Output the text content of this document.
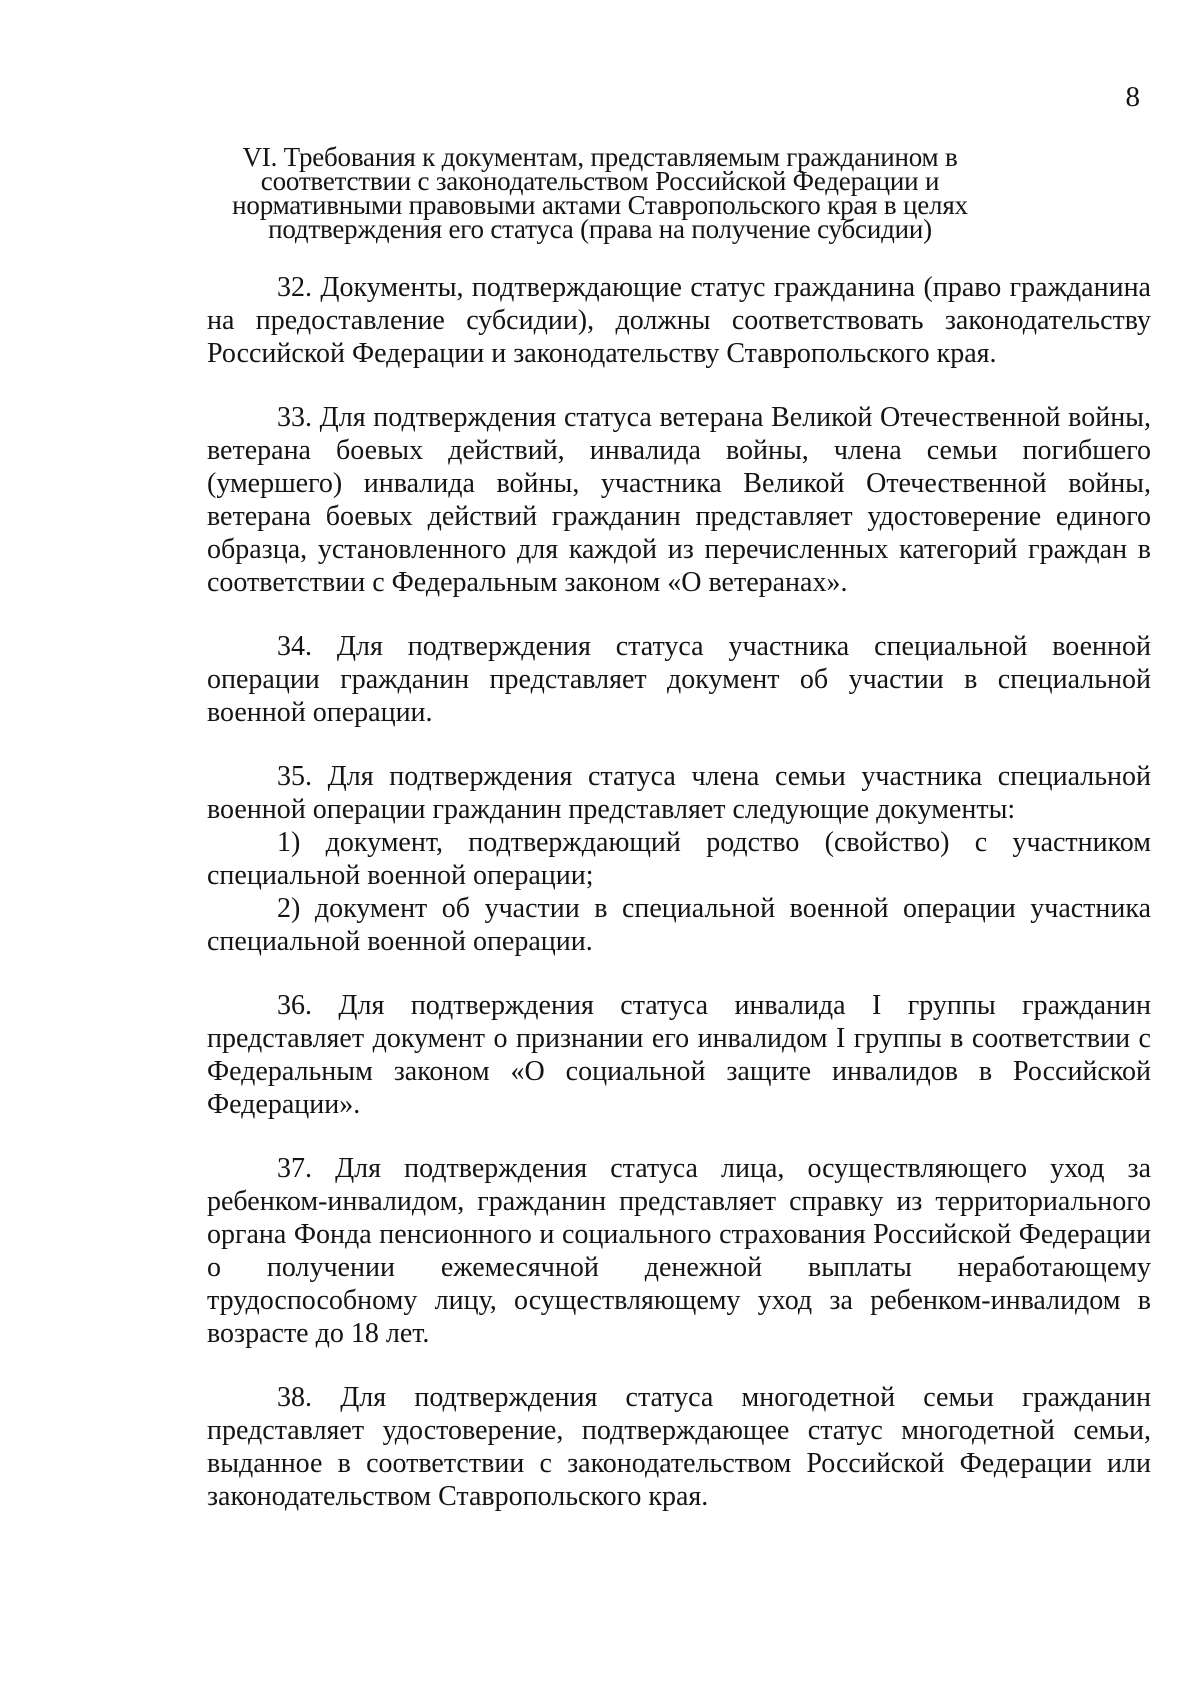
8
VI. Требования к документам, представляемым гражданином в соответствии с законодательством Российской Федерации и нормативными правовыми актами Ставропольского края в целях подтверждения его статуса (права на получение субсидии)

32. Документы, подтверждающие статус гражданина (право гражданина на предоставление субсидии), должны соответствовать законодательству Российской Федерации и законодательству Ставропольского края.

33. Для подтверждения статуса ветерана Великой Отечественной войны, ветерана боевых действий, инвалида войны, члена семьи погибшего (умершего) инвалида войны, участника Великой Отечественной войны, ветерана боевых действий гражданин представляет удостоверение единого образца, установленного для каждой из перечисленных категорий граждан в соответствии с Федеральным законом «О ветеранах».

34. Для подтверждения статуса участника специальной военной операции гражданин представляет документ об участии в специальной военной операции.

35. Для подтверждения статуса члена семьи участника специальной военной операции гражданин представляет следующие документы:

1) документ, подтверждающий родство (свойство) с участником специальной военной операции;

2) документ об участии в специальной военной операции участника специальной военной операции.

36. Для подтверждения статуса инвалида I группы гражданин представляет документ о признании его инвалидом I группы в соответствии с Федеральным законом «О социальной защите инвалидов в Российской Федерации».

37. Для подтверждения статуса лица, осуществляющего уход за ребенком-инвалидом, гражданин представляет справку из территориального органа Фонда пенсионного и социального страхования Российской Федерации о получении ежемесячной денежной выплаты неработающему трудоспособному лицу, осуществляющему уход за ребенком-инвалидом в возрасте до 18 лет.

38. Для подтверждения статуса многодетной семьи гражданин представляет удостоверение, подтверждающее статус многодетной семьи, выданное в соответствии с законодательством Российской Федерации или законодательством Ставропольского края.
